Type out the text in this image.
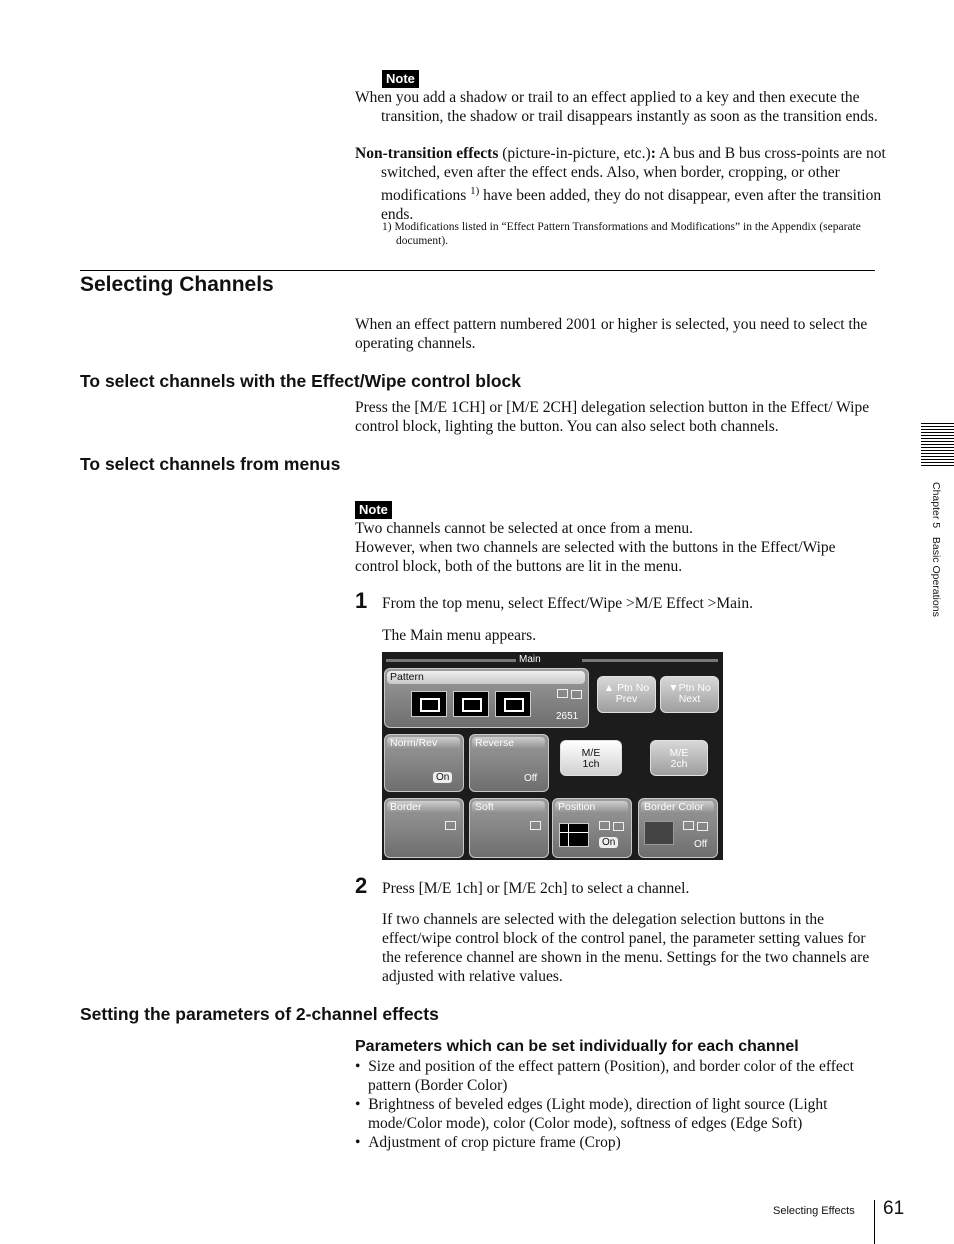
Note
When you add a shadow or trail to an effect applied to a key and then execute the transition, the shadow or trail disappears instantly as soon as the transition ends.
Non-transition effects (picture-in-picture, etc.): A bus and B bus cross-points are not switched, even after the effect ends. Also, when border, cropping, or other modifications $^{1)}$ have been added, they do not disappear, even after the transition ends.
1) Modifications listed in “Effect Pattern Transformations and Modifications” in the Appendix (separate document).
Selecting Channels
When an effect pattern numbered 2001 or higher is selected, you need to select the operating channels.
To select channels with the Effect/Wipe control block
Press the [M/E 1CH] or [M/E 2CH] delegation selection button in the Effect/ Wipe control block, lighting the button. You can also select both channels.
To select channels from menus
Note
Two channels cannot be selected at once from a menu.
However, when two channels are selected with the buttons in the Effect/Wipe control block, both of the buttons are lit in the menu.
1 From the top menu, select Effect/Wipe >M/E Effect >Main.
The Main menu appears.
Main
Pattern
2651
▲ Ptn No
Prev
▼Ptn No
Next
Norm/Rev
On
Reverse
Off
M/E
1ch
M/E
2ch
Border	Soft	Position
On
Border Color
Off
2 Press [M/E 1ch] or [M/E 2ch] to select a channel.
If two channels are selected with the delegation selection buttons in the effect/wipe control block of the control panel, the parameter setting values for the reference channel are shown in the menu. Settings for the two channels are adjusted with relative values.
Setting the parameters of 2-channel effects
Parameters which can be set individually for each channel
•  Size and position of the effect pattern (Position), and border color of the effect pattern (Border Color)
•  Brightness of beveled edges (Light mode), direction of light source (Light mode/Color mode), color (Color mode), softness of edges (Edge Soft)
•  Adjustment of crop picture frame (Crop)
Chapter 5   Basic Operations
Selecting Effects 61
